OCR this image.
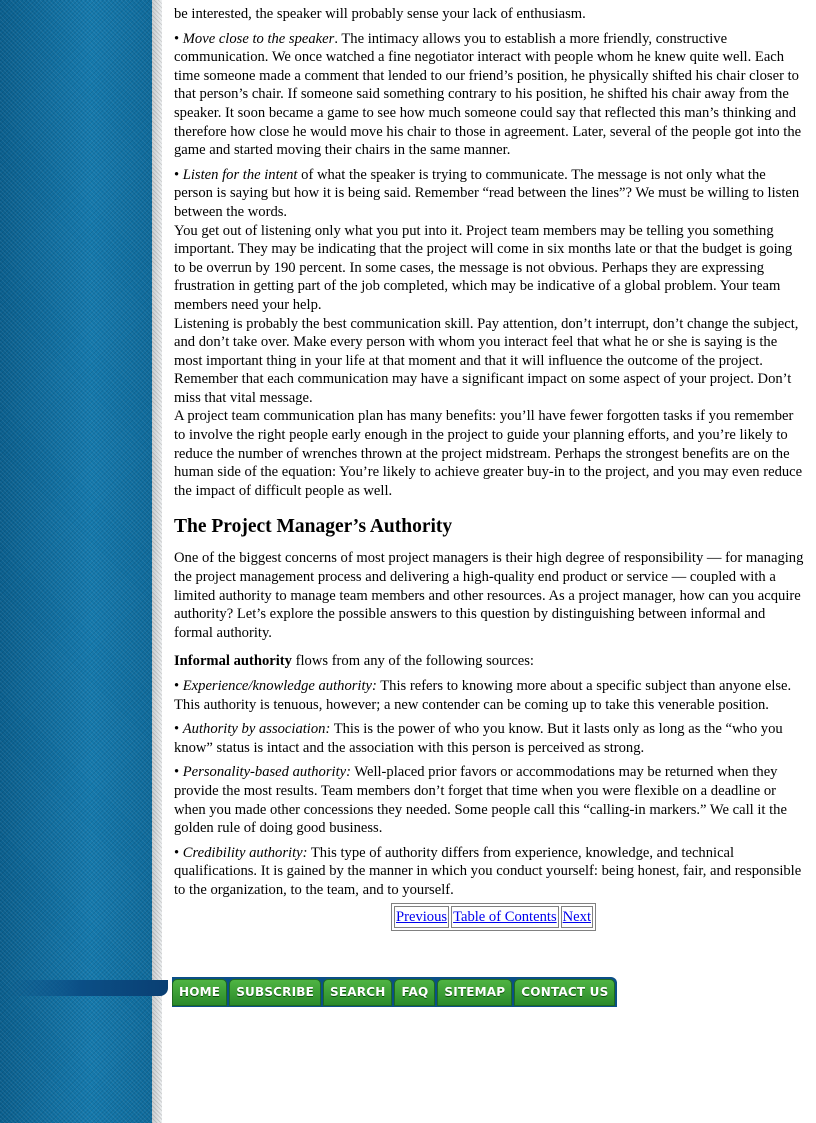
be interested, the speaker will probably sense your lack of enthusiasm.

• Move close to the speaker. The intimacy allows you to establish a more friendly, constructive communication. We once watched a fine negotiator interact with people whom he knew quite well. Each time someone made a comment that lended to our friend’s position, he physically shifted his chair closer to that person’s chair. If someone said something contrary to his position, he shifted his chair away from the speaker. It soon became a game to see how much someone could say that reflected this man’s thinking and therefore how close he would move his chair to those in agreement. Later, several of the people got into the game and started moving their chairs in the same manner.

• Listen for the intent of what the speaker is trying to communicate. The message is not only what the person is saying but how it is being said. Remember “read between the lines”? We must be willing to listen between the words.

You get out of listening only what you put into it. Project team members may be telling you something important. They may be indicating that the project will come in six months late or that the budget is going to be overrun by 190 percent. In some cases, the message is not obvious. Perhaps they are expressing frustration in getting part of the job completed, which may be indicative of a global problem. Your team members need your help.

Listening is probably the best communication skill. Pay attention, don’t interrupt, don’t change the subject, and don’t take over. Make every person with whom you interact feel that what he or she is saying is the most important thing in your life at that moment and that it will influence the outcome of the project. Remember that each communication may have a significant impact on some aspect of your project. Don’t miss that vital message.

A project team communication plan has many benefits: you’ll have fewer forgotten tasks if you remember to involve the right people early enough in the project to guide your planning efforts, and you’re likely to reduce the number of wrenches thrown at the project midstream. Perhaps the strongest benefits are on the human side of the equation: You’re likely to achieve greater buy-in to the project, and you may even reduce the impact of difficult people as well.

The Project Manager’s Authority

One of the biggest concerns of most project managers is their high degree of responsibility — for managing the project management process and delivering a high-quality end product or service — coupled with a limited authority to manage team members and other resources. As a project manager, how can you acquire authority? Let’s explore the possible answers to this question by distinguishing between informal and formal authority.

Informal authority flows from any of the following sources:

• Experience/knowledge authority: This refers to knowing more about a specific subject than anyone else. This authority is tenuous, however; a new contender can be coming up to take this venerable position.

• Authority by association: This is the power of who you know. But it lasts only as long as the “who you know” status is intact and the association with this person is perceived as strong.

• Personality-based authority: Well-placed prior favors or accommodations may be returned when they provide the most results. Team members don’t forget that time when you were flexible on a deadline or when you made other concessions they needed. Some people call this “calling-in markers.” We call it the golden rule of doing good business.

• Credibility authority: This type of authority differs from experience, knowledge, and technical qualifications. It is gained by the manner in which you conduct yourself: being honest, fair, and responsible to the organization, to the team, and to yourself.

Previous	Table of Contents	Next
HOME	SUBSCRIBE	SEARCH	FAQ	SITEMAP	CONTACT US
